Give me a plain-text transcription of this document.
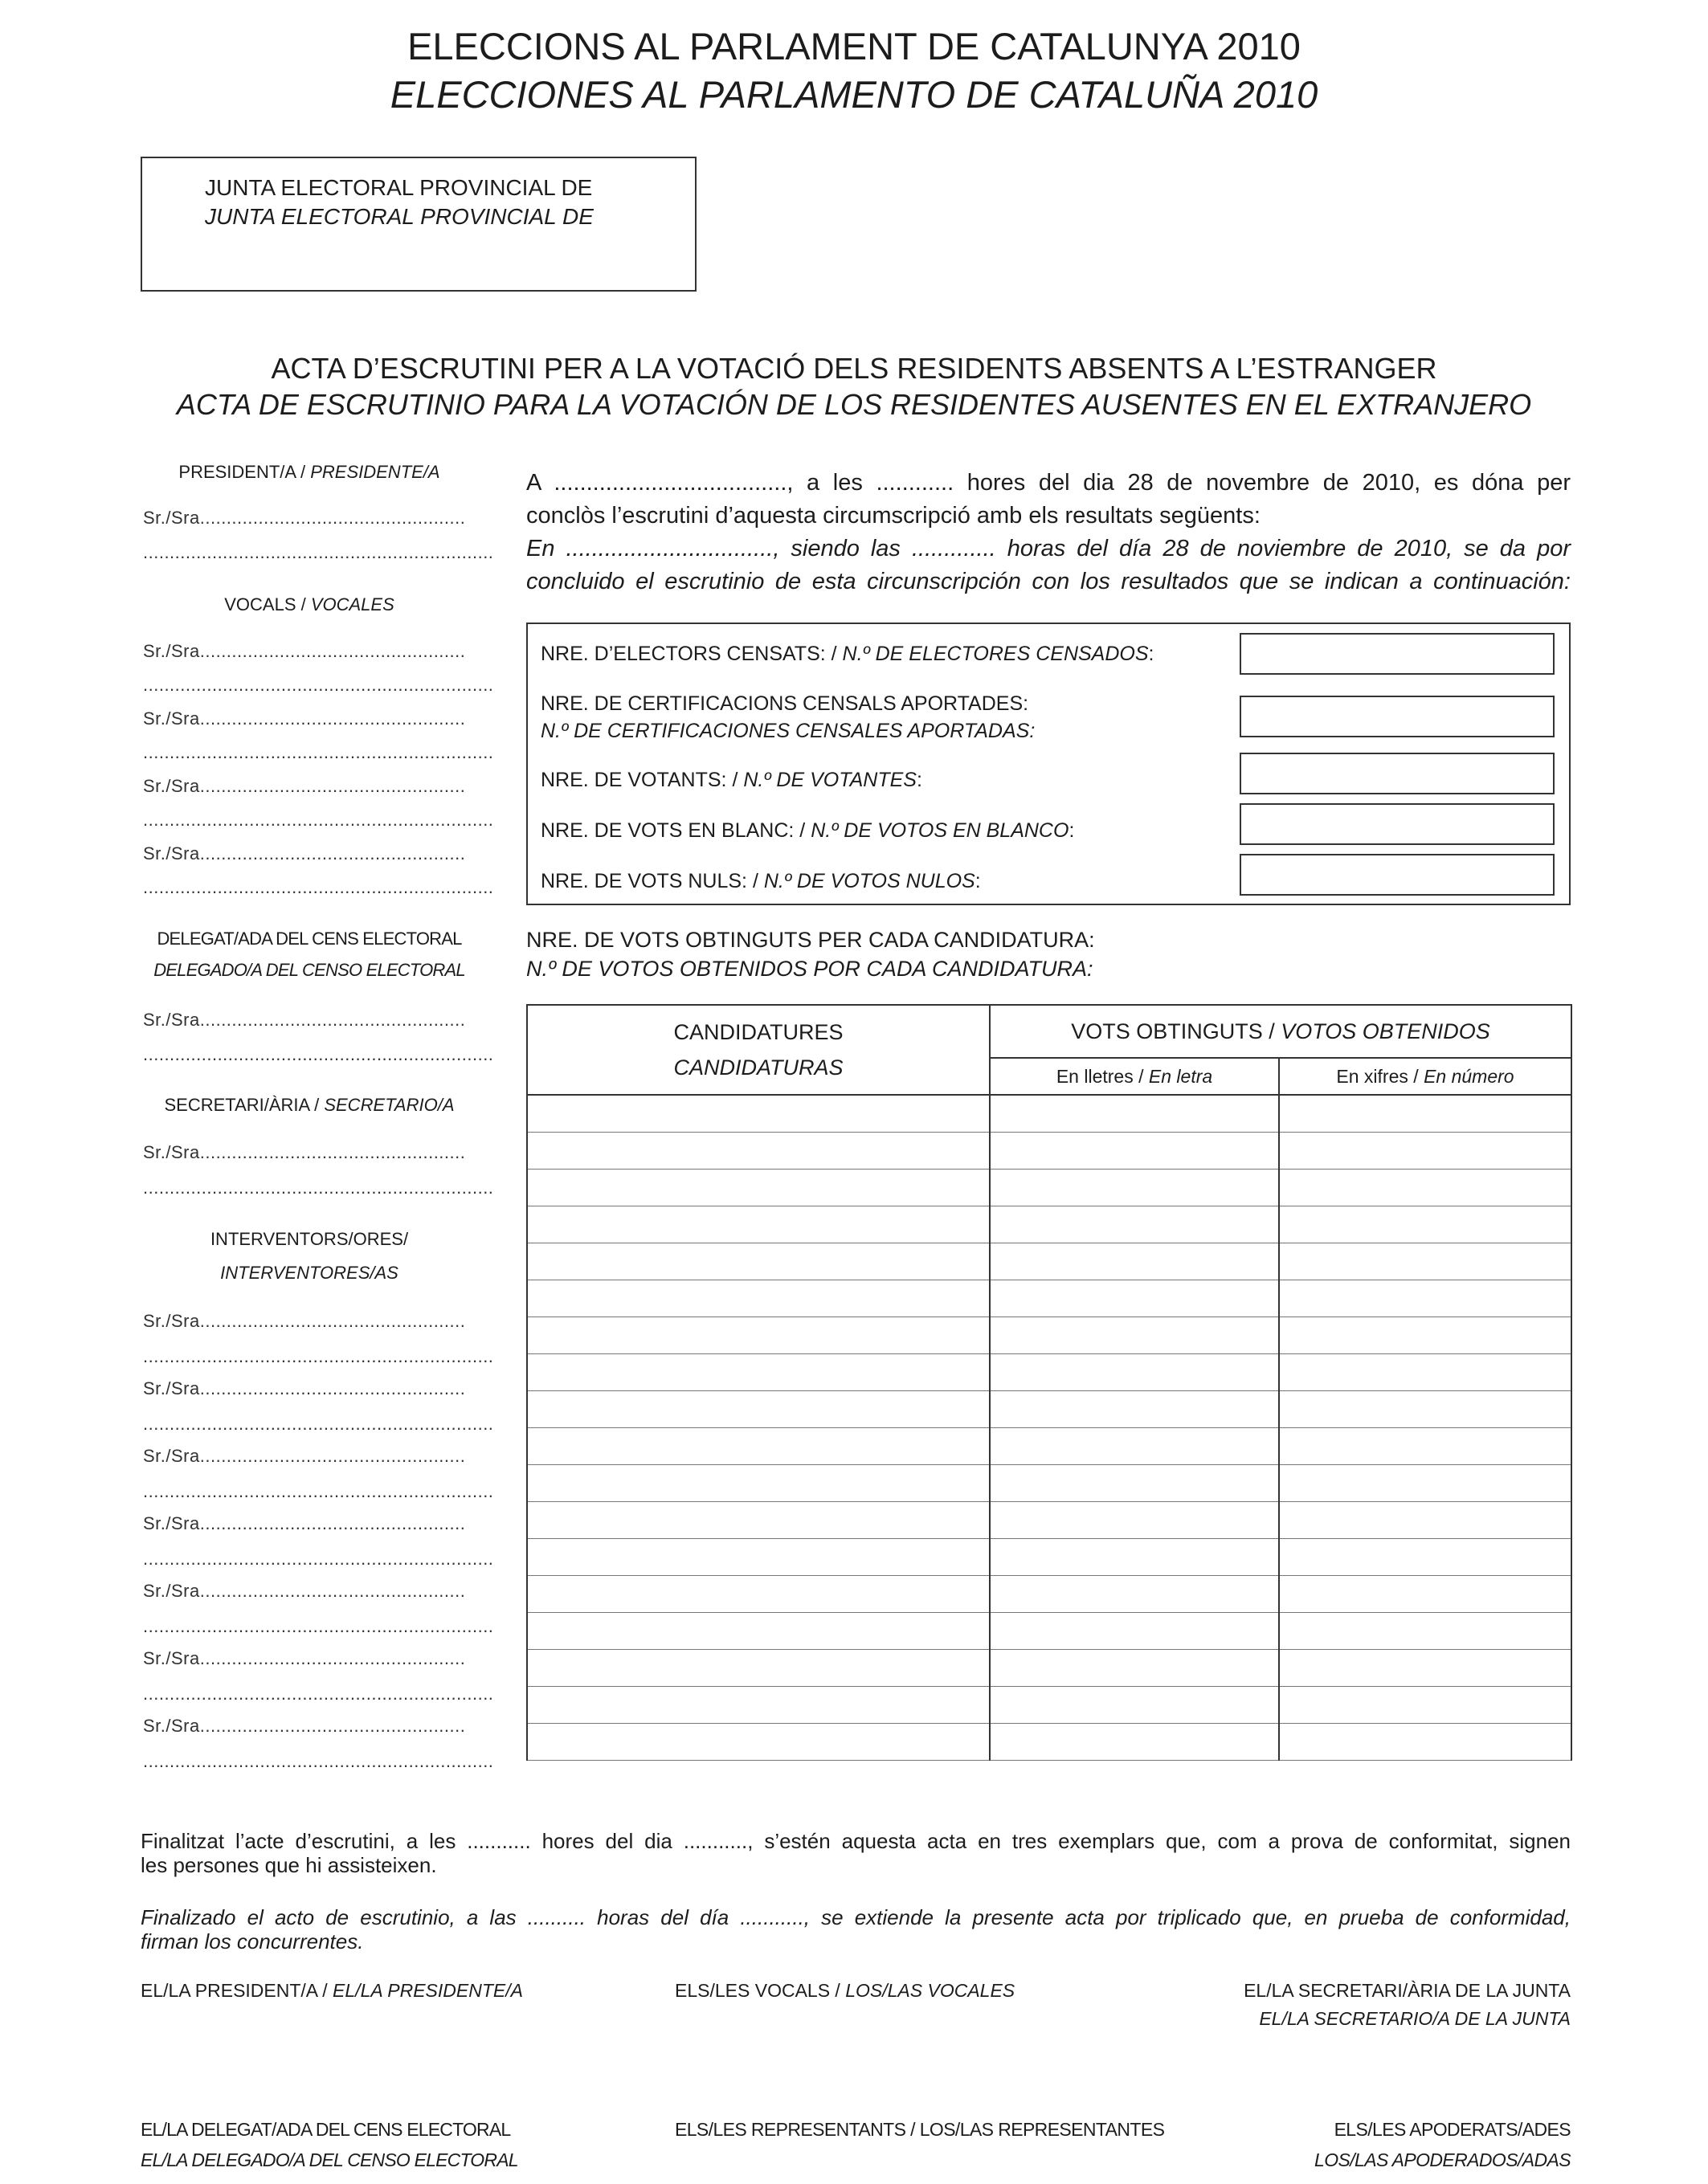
ELECCIONS AL PARLAMENT DE CATALUNYA 2010
ELECCIONES AL PARLAMENTO DE CATALUÑA 2010
JUNTA ELECTORAL PROVINCIAL DE
JUNTA ELECTORAL PROVINCIAL DE
ACTA D’ESCRUTINI PER A LA VOTACIÓ DELS RESIDENTS ABSENTS A L’ESTRANGER
ACTA DE ESCRUTINIO PARA LA VOTACIÓN DE LOS RESIDENTES AUSENTES EN EL EXTRANJERO
PRESIDENT/A / PRESIDENTE/A
Sr./Sra..................................................
..................................................................
VOCALS / VOCALES
Sr./Sra..................................................
..................................................................
Sr./Sra..................................................
..................................................................
Sr./Sra..................................................
..................................................................
Sr./Sra..................................................
..................................................................
DELEGAT/ADA DEL CENS ELECTORAL
DELEGADO/A DEL CENSO ELECTORAL
Sr./Sra..................................................
..................................................................
SECRETARI/ÀRIA / SECRETARIO/A
Sr./Sra..................................................
..................................................................
INTERVENTORS/ORES/
INTERVENTORES/AS
Sr./Sra..................................................
..................................................................
Sr./Sra..................................................
..................................................................
Sr./Sra..................................................
..................................................................
Sr./Sra..................................................
..................................................................
Sr./Sra..................................................
..................................................................
Sr./Sra..................................................
..................................................................
Sr./Sra..................................................
..................................................................
A ...................................., a les ............ hores del dia 28 de novembre de 2010, es dóna per
conclòs l’escrutini d’aquesta circumscripció amb els resultats següents:
En ................................, siendo las ............. horas del día 28 de noviembre de 2010, se da por
concluido el escrutinio de esta circunscripción con los resultados que se indican a continuación:
NRE. D’ELECTORS CENSATS: / N.º DE ELECTORES CENSADOS:
NRE. DE CERTIFICACIONS CENSALS APORTADES:
N.º DE CERTIFICACIONES CENSALES APORTADAS:
NRE. DE VOTANTS: / N.º DE VOTANTES:
NRE. DE VOTS EN BLANC: / N.º DE VOTOS EN BLANCO:
NRE. DE VOTS NULS: / N.º DE VOTOS NULOS:
NRE. DE VOTS OBTINGUTS PER CADA CANDIDATURA:
N.º DE VOTOS OBTENIDOS POR CADA CANDIDATURA:
CANDIDATURES
CANDIDATURAS	VOTS OBTINGUTS / VOTOS OBTENIDOS	
	En lletres / En letra	En xifres / En número

Finalitzat l’acte d’escrutini, a les ........... hores del dia ..........., s’estén aquesta acta en tres exemplars que, com a prova de conformitat, signen
les persones que hi assisteixen.
Finalizado el acto de escrutinio, a las .......... horas del día ..........., se extiende la presente acta por triplicado que, en prueba de conformidad,
firman los concurrentes.
EL/LA PRESIDENT/A / EL/LA PRESIDENTE/A	ELS/LES VOCALS / LOS/LAS VOCALES	EL/LA SECRETARI/ÀRIA DE LA JUNTA
EL/LA SECRETARIO/A DE LA JUNTA
EL/LA DELEGAT/ADA DEL CENS ELECTORAL
EL/LA DELEGADO/A DEL CENSO ELECTORAL
ELS/LES REPRESENTANTS / LOS/LAS REPRESENTANTES	ELS/LES APODERATS/ADES
LOS/LAS APODERADOS/ADAS
